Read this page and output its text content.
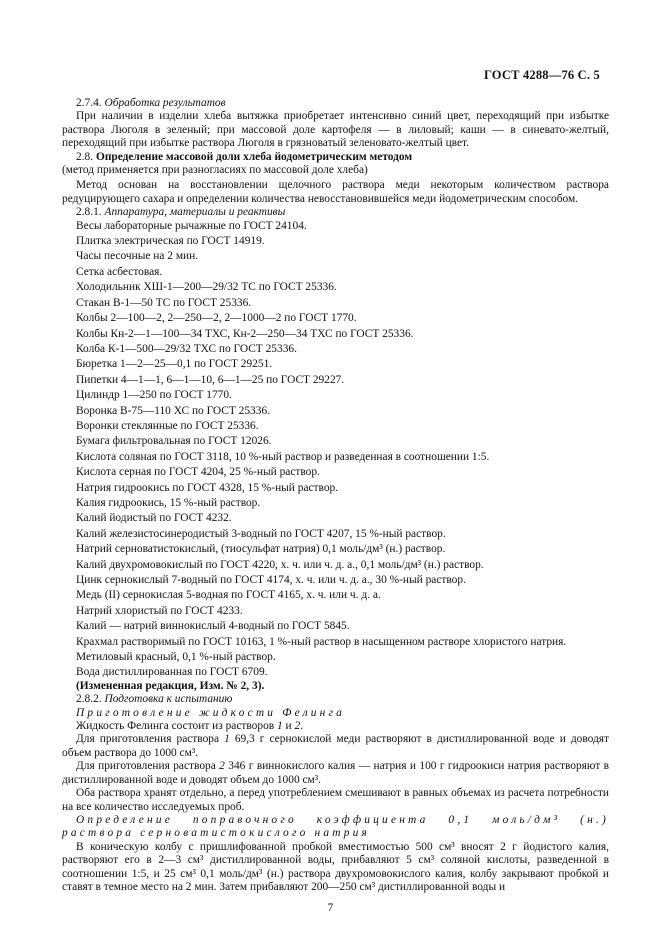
ГОСТ 4288—76 С. 5

2.7.4. Обработка результатов

При наличии в изделии хлеба вытяжка приобретает интенсивно синий цвет, переходящий при избытке раствора Люголя в зеленый; при массовой доле картофеля — в лиловый; каши — в синевато-желтый, переходящий при избытке раствора Люголя в грязноватый зеленовато-желтый цвет.

2.8. Определение массовой доли хлеба йодометрическим методом

(метод применяется при разногласиях по массовой доле хлеба)

Метод основан на восстановлении щелочного раствора меди некоторым количеством раствора редуцирующего сахара и определении количества невосстановившейся меди йодометрическим способом.

2.8.1. Аппаратура, материалы и реактивы

Весы лабораторные рычажные по ГОСТ 24104.

Плитка электрическая по ГОСТ 14919.

Часы песочные на 2 мин.

Сетка асбестовая.

Холодильник ХШ-1—200—29/32 ТС по ГОСТ 25336.

Стакан В-1—50 ТС по ГОСТ 25336.

Колбы 2—100—2, 2—250—2, 2—1000—2 по ГОСТ 1770.

Колбы Кн-2—1—100—34 ТХС, Кн-2—250—34 ТХС по ГОСТ 25336.

Колба К-1—500—29/32 ТХС по ГОСТ 25336.

Бюретка 1—2—25—0,1 по ГОСТ 29251.

Пипетки 4—1—1, 6—1—10, 6—1—25 по ГОСТ 29227.

Цилиндр 1—250 по ГОСТ 1770.

Воронка В-75—110 ХС по ГОСТ 25336.

Воронки стеклянные по ГОСТ 25336.

Бумага фильтровальная по ГОСТ 12026.

Кислота соляная по ГОСТ 3118, 10 %-ный раствор и разведенная в соотношении 1:5.

Кислота серная по ГОСТ 4204, 25 %-ный раствор.

Натрия гидроокись по ГОСТ 4328, 15 %-ный раствор.

Калия гидроокись, 15 %-ный раствор.

Калий йодистый по ГОСТ 4232.

Калий железистосинеродистый 3-водный по ГОСТ 4207, 15 %-ный раствор.

Натрий серноватистокислый, (тиосульфат натрия) 0,1 моль/дм³ (н.) раствор.

Калий двухромовокислый по ГОСТ 4220, х. ч. или ч. д. а., 0,1 моль/дм³ (н.) раствор.

Цинк сернокислый 7-водный по ГОСТ 4174, х. ч. или ч. д. а., 30 %-ный раствор.

Медь (II) сернокислая 5-водная по ГОСТ 4165, х. ч. или ч. д. а.

Натрий хлористый по ГОСТ 4233.

Калий — натрий виннокислый 4-водный по ГОСТ 5845.

Крахмал растворимый по ГОСТ 10163, 1 %-ный раствор в насыщенном растворе хлористого натрия.

Метиловый красный, 0,1 %-ный раствор.

Вода дистиллированная по ГОСТ 6709.

(Измененная редакция, Изм. № 2, 3).

2.8.2. Подготовка к испытанию

Приготовление жидкости Фелинга

Жидкость Фелинга состоит из растворов 1 и 2.

Для приготовления раствора 1 69,3 г сернокислой меди растворяют в дистиллированной воде и доводят объем раствора до 1000 см³.

Для приготовления раствора 2 346 г виннокислого калия — натрия и 100 г гидроокиси натрия растворяют в дистиллированной воде и доводят объем до 1000 см³.

Оба раствора хранят отдельно, а перед употреблением смешивают в равных объемах из расчета потребности на все количество исследуемых проб.

Определение поправочного коэффициента 0,1 моль/дм³ (н.)

раствора серноватистокислого натрия

В коническую колбу с пришлифованной пробкой вместимостью 500 см³ вносят 2 г йодистого калия, растворяют его в 2—3 см³ дистиллированной воды, прибавляют 5 см³ соляной кислоты, разведенной в соотношении 1:5, и 25 см³ 0,1 моль/дм³ (н.) раствора двухромовокислого калия, колбу закрывают пробкой и ставят в темное место на 2 мин. Затем прибавляют 200—250 см³ дистиллированной воды и

7
